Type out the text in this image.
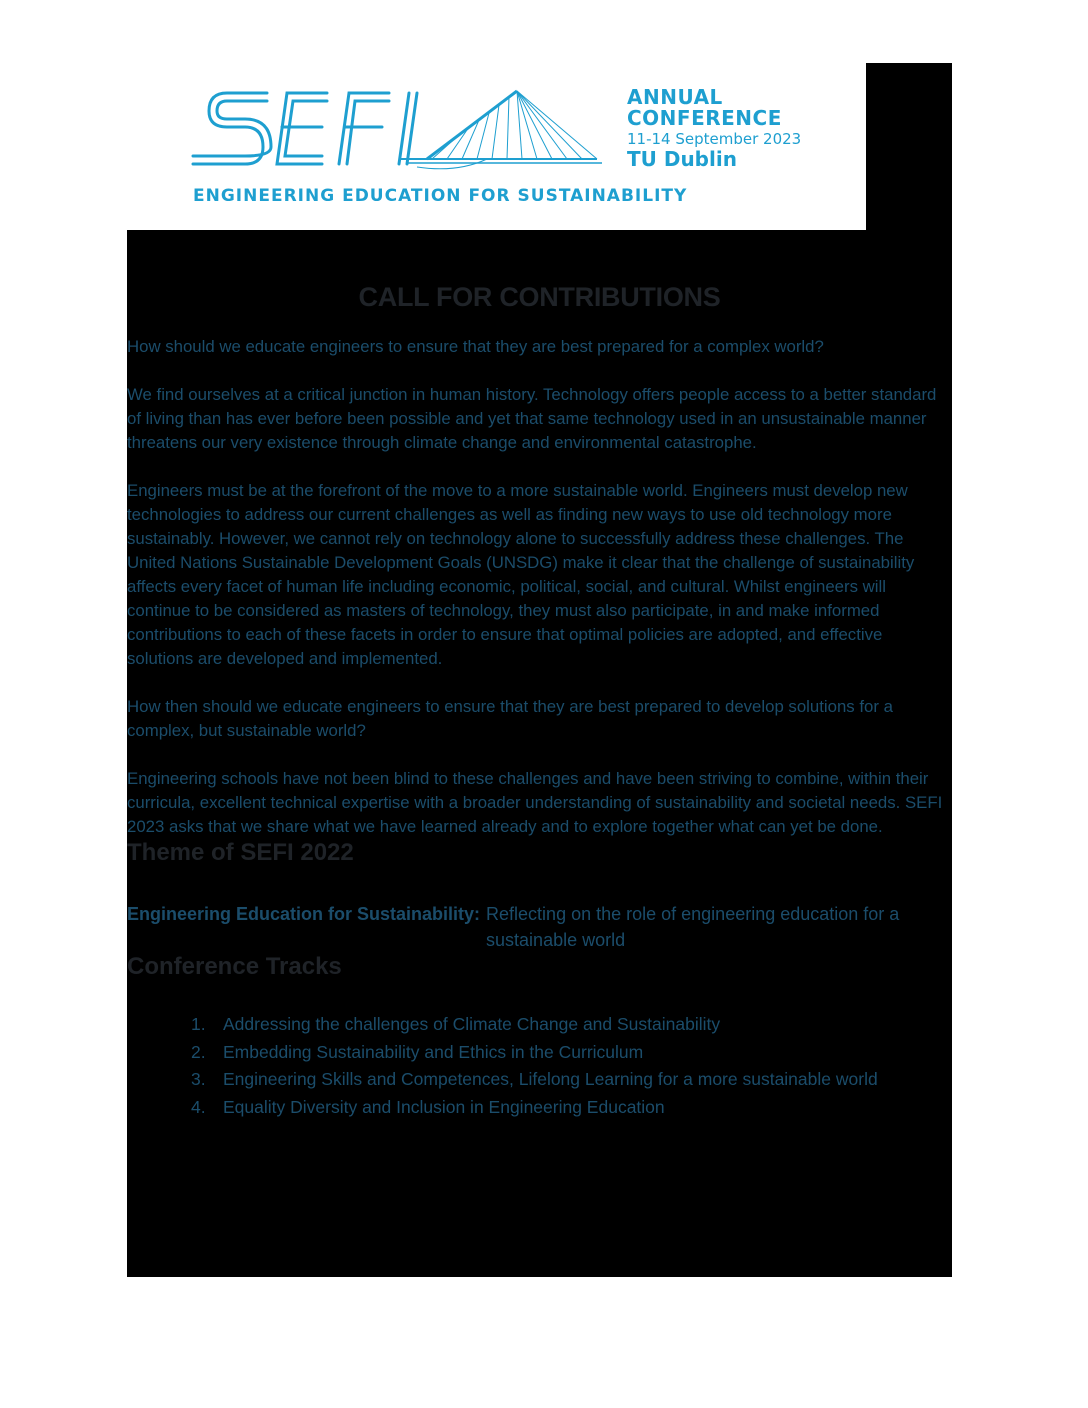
ANNUAL
CONFERENCE
11-14 September 2023
TU Dublin
ENGINEERING EDUCATION FOR SUSTAINABILITY
CALL FOR CONTRIBUTIONS

How should we educate engineers to ensure that they are best prepared for a complex world?

We find ourselves at a critical junction in human history. Technology offers people access to a better standard of living than has ever before been possible and yet that same technology used in an unsustainable manner threatens our very existence through climate change and environmental catastrophe.

Engineers must be at the forefront of the move to a more sustainable world. Engineers must develop new technologies to address our current challenges as well as finding new ways to use old technology more sustainably. However, we cannot rely on technology alone to successfully address these challenges. The United Nations Sustainable Development Goals (UNSDG) make it clear that the challenge of sustainability affects every facet of human life including economic, political, social, and cultural. Whilst engineers will continue to be considered as masters of technology, they must also participate, in and make informed contributions to each of these facets in order to ensure that optimal policies are adopted, and effective solutions are developed and implemented.

How then should we educate engineers to ensure that they are best prepared to develop solutions for a complex, but sustainable world?

Engineering schools have not been blind to these challenges and have been striving to combine, within their curricula, excellent technical expertise with a broader understanding of sustainability and societal needs. SEFI 2023 asks that we share what we have learned already and to explore together what can yet be done.

Theme of SEFI 2022
Engineering Education for Sustainability: Reflecting on the role of engineering education for a sustainable world
Conference Tracks
1. Addressing the challenges of Climate Change and Sustainability
2. Embedding Sustainability and Ethics in the Curriculum
3. Engineering Skills and Competences, Lifelong Learning for a more sustainable world
4. Equality Diversity and Inclusion in Engineering Education
